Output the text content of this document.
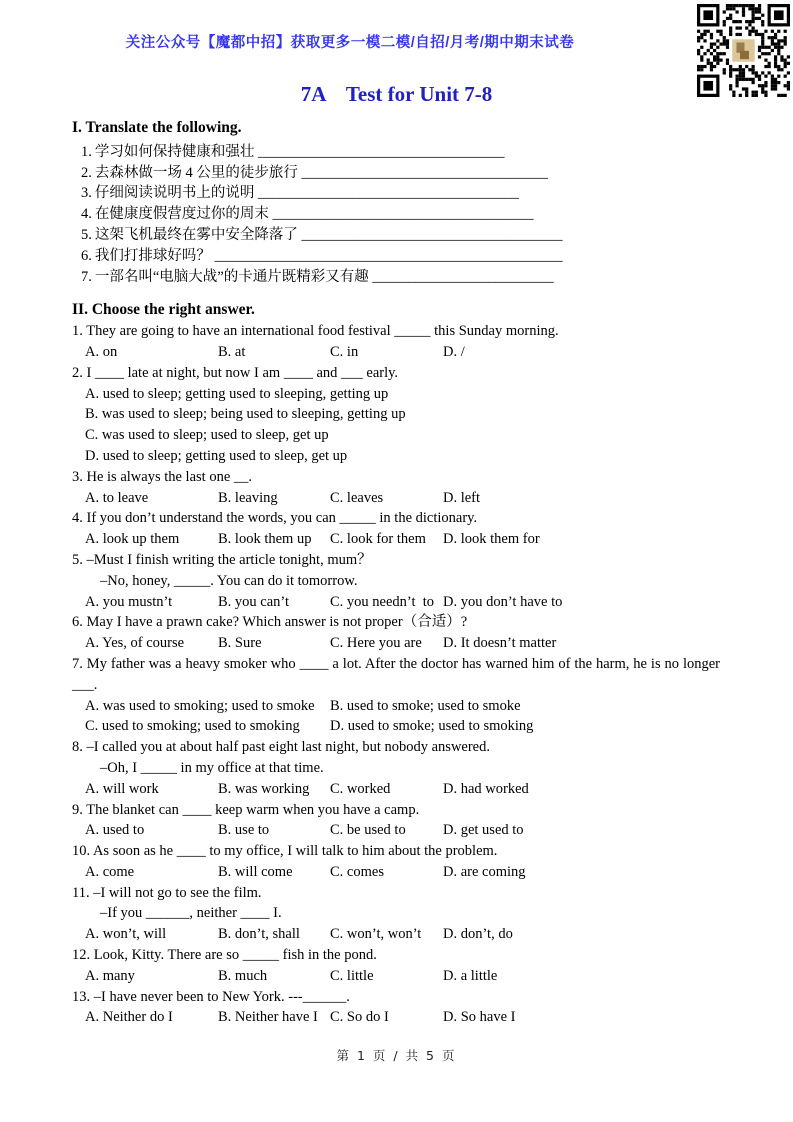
关注公众号【魔都中招】获取更多一模二模/自招/月考/期中期末试卷
7A    Test for Unit 7-8
I. Translate the following.
1. 学习如何保持健康和强壮 __________________________________
2. 去森林做一场 4 公里的徒步旅行 __________________________________
3. 仔细阅读说明书上的说明 ____________________________________
4. 在健康度假营度过你的周末 ____________________________________
5. 这架飞机最终在雾中安全降落了 ____________________________________
6. 我们打排球好吗？ ________________________________________________
7. 一部名叫“电脑大战”的卡通片既精彩又有趣 _________________________
II. Choose the right answer.
1. They are going to have an international food festival _____ this Sunday morning.
A. on	B. at	C. in	D. /
2. I ____ late at night, but now I am ____ and ___ early.
A. used to sleep; getting used to sleeping, getting up
B. was used to sleep; being used to sleeping, getting up
C. was used to sleep; used to sleep, get up
D. used to sleep; getting used to sleep, get up
3. He is always the last one __.
A. to leave	B. leaving	C. leaves	D. left
4. If you don’t understand the words, you can _____ in the dictionary.
A. look up them	B. look them up C. look for them D. look them for
5. –Must I finish writing the article tonight, mum？
–No, honey, _____. You can do it tomorrow.
A. you mustn’t	B. you can’t	C. you needn’t  to D. you don’t have to
6. May I have a prawn cake? Which answer is not proper（合适）?
A. Yes, of course B. Sure	C. Here you are D. It doesn’t matter
7. My father was a heavy smoker who ____ a lot. After the doctor has warned him of the harm, he is no longer
___.
A. was used to smoking; used to smoke B. used to smoke; used to smoke
C. used to smoking; used to smoking D. used to smoke; used to smoking
8. –I called you at about half past eight last night, but nobody answered.
–Oh, I _____ in my office at that time.
A. will work	B. was working C. worked	D. had worked
9. The blanket can ____ keep warm when you have a camp.
A. used to	B. use to	C. be used to	D. get used to
10. As soon as he ____ to my office, I will talk to him about the problem.
A. come	B. will come	C. comes	D. are coming
11. –I will not go to see the film.
–If you ______, neither ____ I.
A. won’t, will	B. don’t, shall C. won’t, won’t D. don’t, do
12. Look, Kitty. There are so _____ fish in the pond.
A. many	B. much	C. little	D. a little
13. –I have never been to New York. ---______.
A. Neither do I	B. Neither have I C. So do I	D. So have I
第 1 页 / 共 5 页
